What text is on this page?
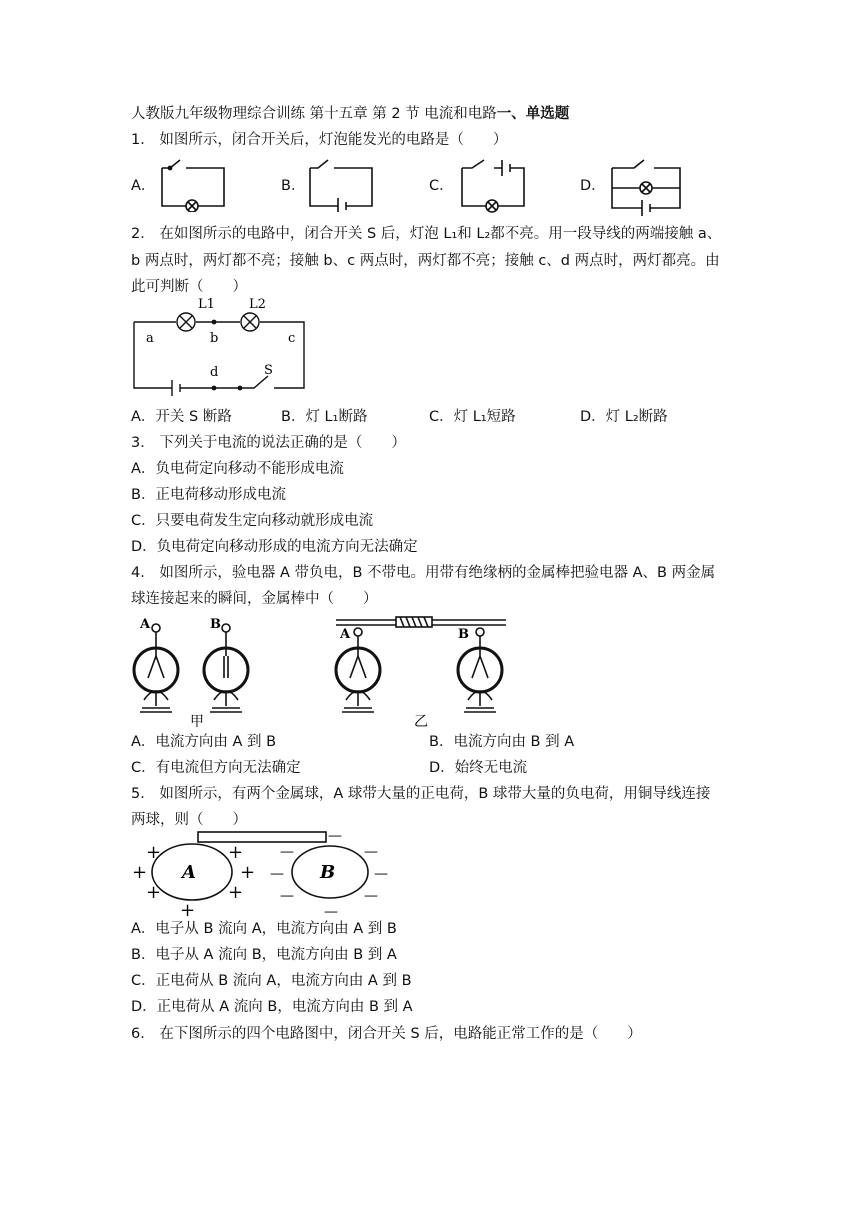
人教版九年级物理综合训练 第十五章 第 2 节 电流和电路一、单选题
1． 如图所示，闭合开关后，灯泡能发光的电路是（　　）
A．	B．	C．	D．
2． 在如图所示的电路中，闭合开关 S 后，灯泡 L₁和 L₂都不亮。用一段导线的两端接触 a、
b 两点时，两灯都不亮；接触 b、c 两点时，两灯都不亮；接触 c、d 两点时，两灯都亮。由
此可判断（　　）
L1	L2
a	b	c
d	S
A．开关 S 断路	B．灯 L₁断路	C．灯 L₁短路	D．灯 L₂断路
3． 下列关于电流的说法正确的是（　　）
A．负电荷定向移动不能形成电流
B．正电荷移动形成电流
C．只要电荷发生定向移动就形成电流
D．负电荷定向移动形成的电流方向无法确定
4． 如图所示，验电器 A 带负电，B 不带电。用带有绝缘柄的金属棒把验电器 A、B 两金属
球连接起来的瞬间，金属棒中（　　）
A	B
甲
A	B
乙
A．电流方向由 A 到 B	B．电流方向由 B 到 A
C．有电流但方向无法确定	D．始终无电流
5． 如图所示，有两个金属球，A 球带大量的正电荷，B 球带大量的负电荷，用铜导线连接
两球，则（　　）
A	B
+
+
+
+
+
+
+
—
—
—
—
—
—
—
—
A．电子从 B 流向 A，电流方向由 A 到 B
B．电子从 A 流向 B，电流方向由 B 到 A
C．正电荷从 B 流向 A，电流方向由 A 到 B
D．正电荷从 A 流向 B，电流方向由 B 到 A
6． 在下图所示的四个电路图中，闭合开关 S 后，电路能正常工作的是（　　）
